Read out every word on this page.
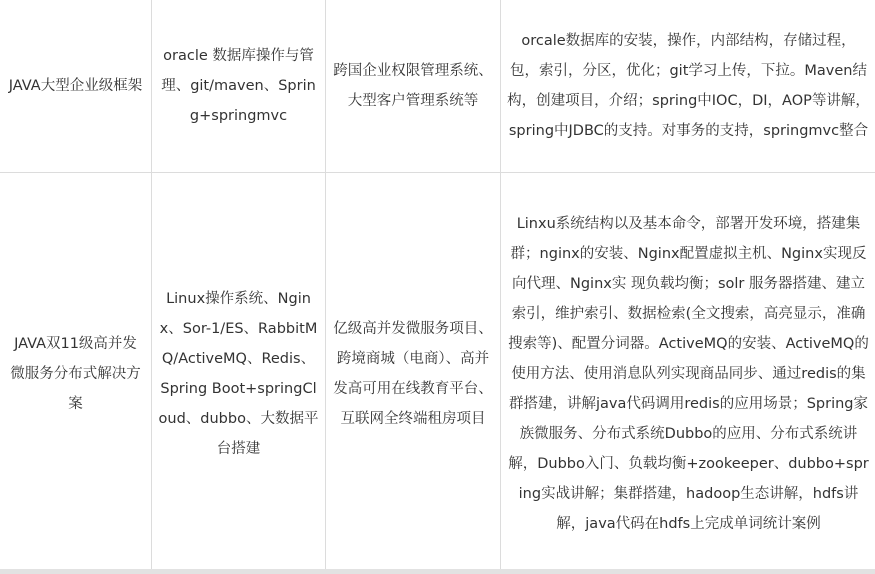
JAVA大型企业级框架	oracle 数据库操作与管理、git/maven、Spring+springmvc	跨国企业权限管理系统、大型客户管理系统等	orcale数据库的安装，操作，内部结构，存储过程，包，索引，分区，优化；git学习上传，下拉。Maven结构，创建项目，介绍；spring中IOC，DI，AOP等讲解，spring中JDBC的支持。对事务的支持，springmvc整合

JAVA双11级高并发微服务分布式解决方案	Linux操作系统、Nginx、Sor-1/ES、RabbitMQ/ActiveMQ、Redis、Spring Boot+springCloud、dubbo、大数据平台搭建	亿级高并发微服务项目、跨境商城（电商）、高并发高可用在线教育平台、互联网全终端租房项目	Linxu系统结构以及基本命令，部署开发环境，搭建集群；nginx的安装、Nginx配置虚拟主机、Nginx实现反向代理、Nginx实 现负载均衡；solr 服务器搭建、建立索引，维护索引、数据检索(全文搜索，高亮显示，准确搜索等)、配置分词器。ActiveMQ的安装、ActiveMQ的使用方法、使用消息队列实现商品同步、通过redis的集群搭建，讲解java代码调用redis的应用场景；Spring家族微服务、分布式系统Dubbo的应用、分布式系统讲解，Dubbo入门、负载均衡+zookeeper、dubbo+spring实战讲解；集群搭建，hadoop生态讲解，hdfs讲解，java代码在hdfs上完成单词统计案例
